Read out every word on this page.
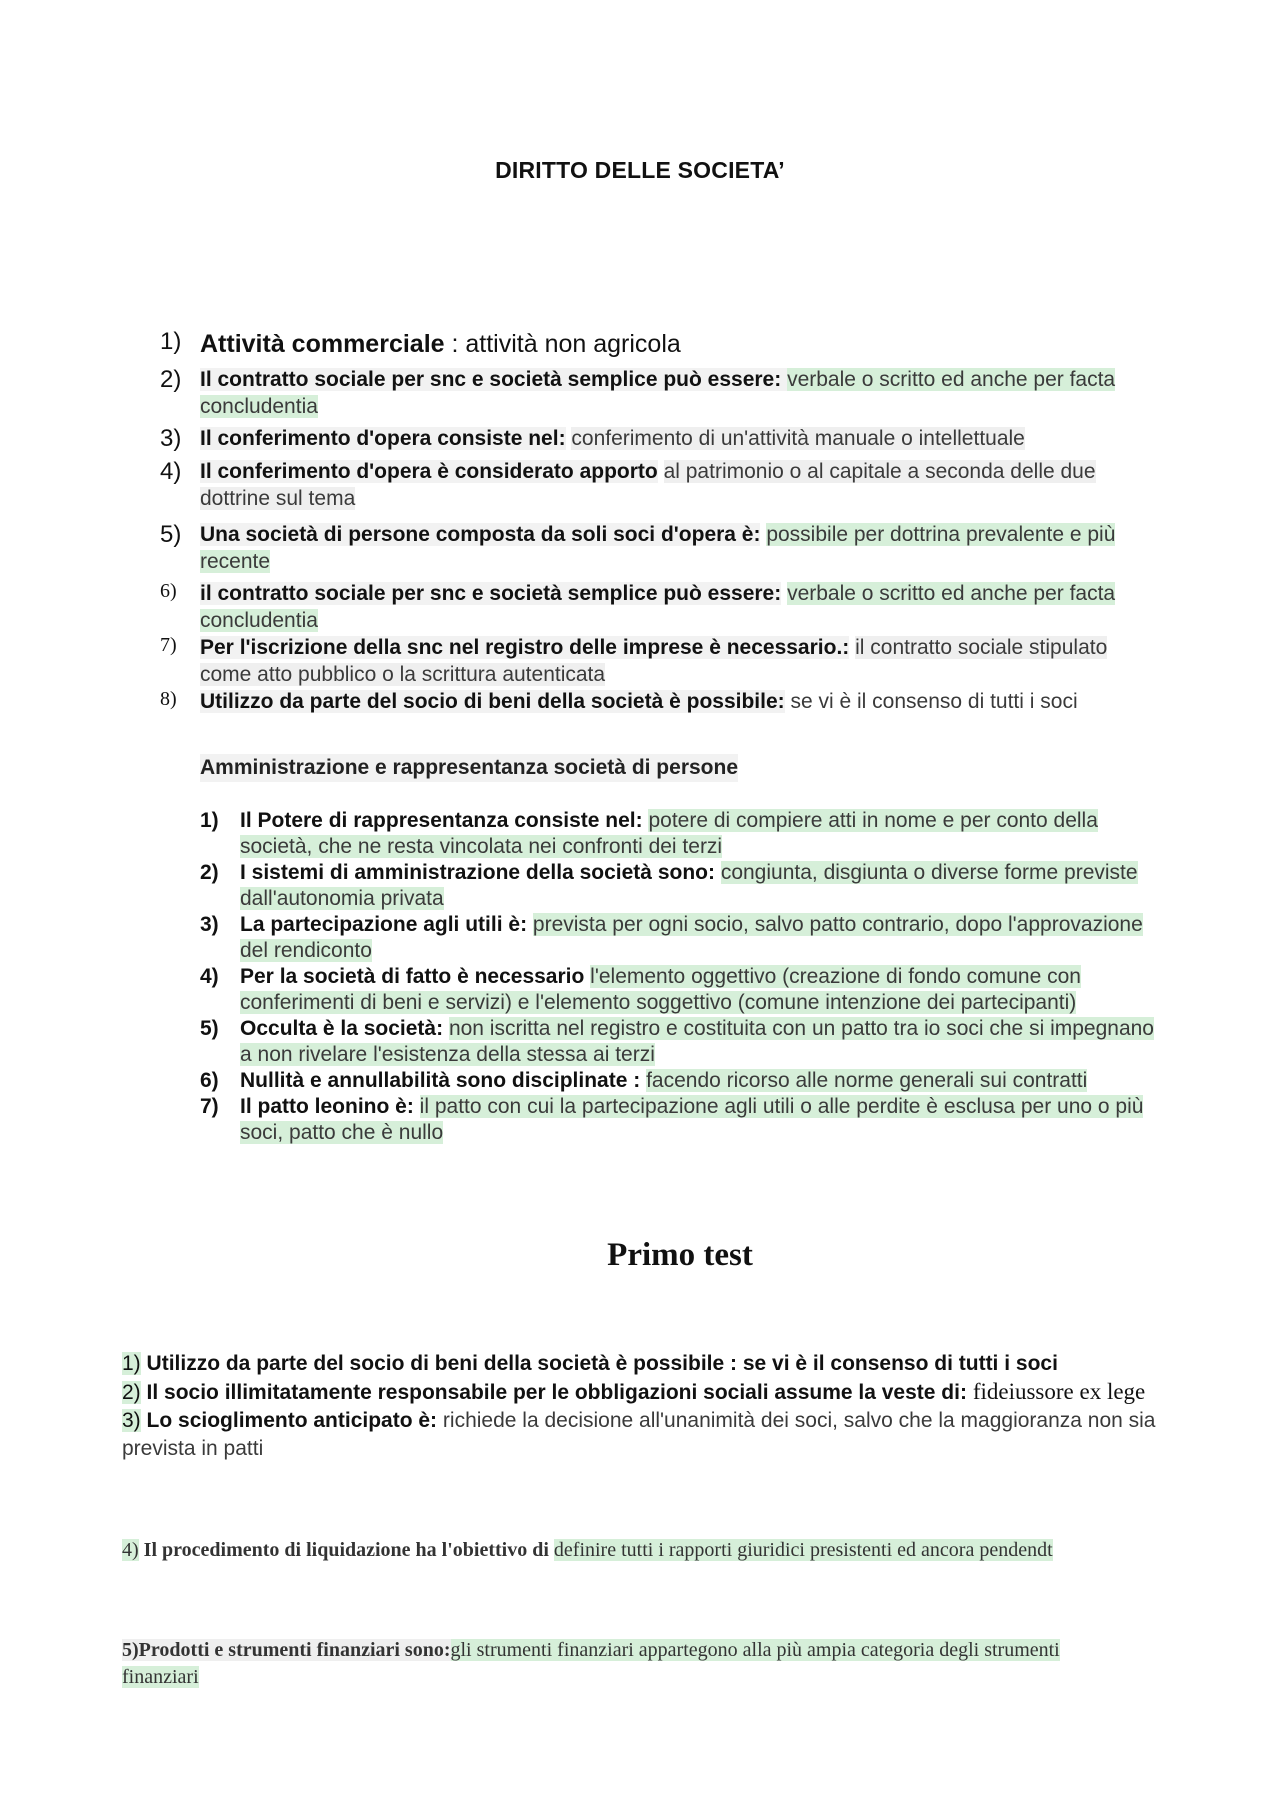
DIRITTO DELLE SOCIETA’
1) Attività commerciale : attività non agricola
2) Il contratto sociale per snc e società semplice può essere: verbale o scritto ed anche per facta concludentia
3) Il conferimento d'opera consiste nel: conferimento di un'attività manuale o intellettuale
4) Il conferimento d'opera è considerato apporto al patrimonio o al capitale a seconda delle due dottrine sul tema
5) Una società di persone composta da soli soci d'opera è: possibile per dottrina prevalente e più recente
6)	il contratto sociale per snc e società semplice può essere: verbale o scritto ed anche per facta concludentia
7)	Per l'iscrizione della snc nel registro delle imprese è necessario.: il contratto sociale stipulato come atto pubblico o la scrittura autenticata
8)	Utilizzo da parte del socio di beni della società è possibile: se vi è il consenso di tutti i soci
Amministrazione e rappresentanza società di persone
1)	Il Potere di rappresentanza consiste nel: potere di compiere atti in nome e per conto della società, che ne resta vincolata nei confronti dei terzi
2)	I sistemi di amministrazione della società sono: congiunta, disgiunta o diverse forme previste dall'autonomia privata
3)	La partecipazione agli utili è: prevista per ogni socio, salvo patto contrario, dopo l'approvazione del rendiconto
4)	Per la società di fatto è necessario l'elemento oggettivo (creazione di fondo comune con conferimenti di beni e servizi) e l'elemento soggettivo (comune intenzione dei partecipanti)
5)	Occulta è la società: non iscritta nel registro e costituita con un patto tra io soci che si impegnano a non rivelare l'esistenza della stessa ai terzi
6)	Nullità e annullabilità sono disciplinate : facendo ricorso alle norme generali sui contratti
7)	Il patto leonino è: il patto con cui la partecipazione agli utili o alle perdite è esclusa per uno o più soci, patto che è nullo
Primo test

1) Utilizzo da parte del socio di beni della società è possibile : se vi è il consenso di tutti i soci

2) Il socio illimitatamente responsabile per le obbligazioni sociali assume la veste di: fideiussore ex lege

3) Lo scioglimento anticipato è: richiede la decisione all'unanimità dei soci, salvo che la maggioranza non sia prevista in patti

4) Il procedimento di liquidazione ha l'obiettivo di definire tutti i rapporti giuridici presistenti ed ancora pendendt
5)Prodotti e strumenti finanziari sono:gli strumenti finanziari appartegono alla più ampia categoria degli strumenti finanziari
